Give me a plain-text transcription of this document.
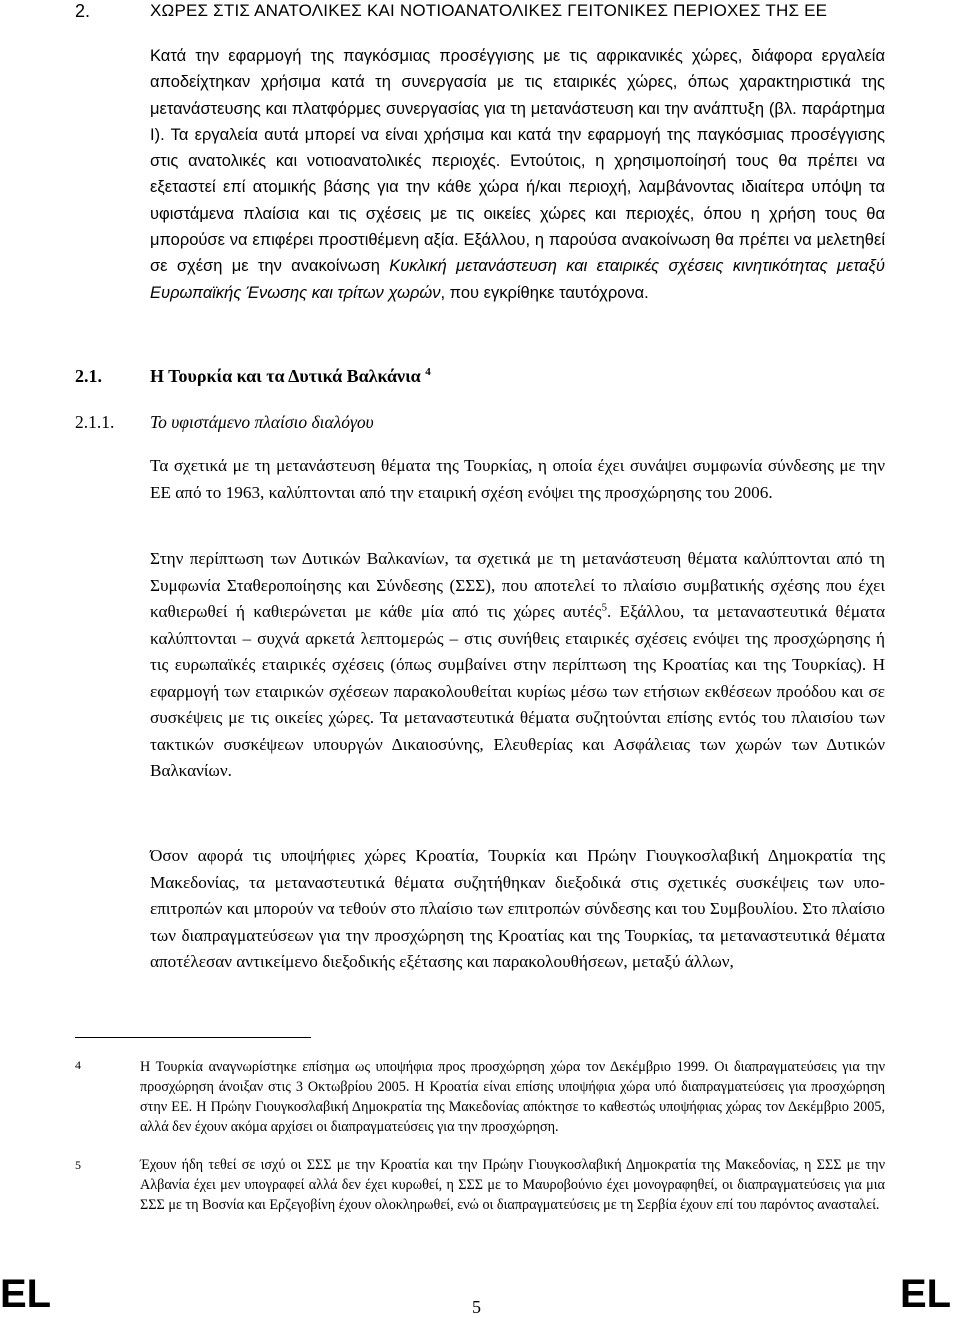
2.	ΧΩΡΕΣ ΣΤΙΣ ΑΝΑΤΟΛΙΚΕΣ ΚΑΙ ΝΟΤΙΟΑΝΑΤΟΛΙΚΕΣ ΓΕΙΤΟΝΙΚΕΣ ΠΕΡΙΟΧΕΣ ΤΗΣ ΕΕ

Κατά την εφαρμογή της παγκόσμιας προσέγγισης με τις αφρικανικές χώρες, διάφορα εργαλεία αποδείχτηκαν χρήσιμα κατά τη συνεργασία με τις εταιρικές χώρες, όπως χαρακτηριστικά της μετανάστευσης και πλατφόρμες συνεργασίας για τη μετανάστευση και την ανάπτυξη (βλ. παράρτημα Ι). Τα εργαλεία αυτά μπορεί να είναι χρήσιμα και κατά την εφαρμογή της παγκόσμιας προσέγγισης στις ανατολικές και νοτιοανατολικές περιοχές. Εντούτοις, η χρησιμοποίησή τους θα πρέπει να εξεταστεί επί ατομικής βάσης για την κάθε χώρα ή/και περιοχή, λαμβάνοντας ιδιαίτερα υπόψη τα υφιστάμενα πλαίσια και τις σχέσεις με τις οικείες χώρες και περιοχές, όπου η χρήση τους θα μπορούσε να επιφέρει προστιθέμενη αξία. Εξάλλου, η παρούσα ανακοίνωση θα πρέπει να μελετηθεί σε σχέση με την ανακοίνωση Κυκλική μετανάστευση και εταιρικές σχέσεις κινητικότητας μεταξύ Ευρωπαϊκής Ένωσης και τρίτων χωρών, που εγκρίθηκε ταυτόχρονα.

2.1.	Η Τουρκία και τα Δυτικά Βαλκάνια $^4$
2.1.1. Το υφιστάμενο πλαίσιο διαλόγου

Τα σχετικά με τη μετανάστευση θέματα της Τουρκίας, η οποία έχει συνάψει συμφωνία σύνδεσης με την ΕΕ από το 1963, καλύπτονται από την εταιρική σχέση ενόψει της προσχώρησης του 2006.

Στην περίπτωση των Δυτικών Βαλκανίων, τα σχετικά με τη μετανάστευση θέματα καλύπτονται από τη Συμφωνία Σταθεροποίησης και Σύνδεσης (ΣΣΣ), που αποτελεί το πλαίσιο συμβατικής σχέσης που έχει καθιερωθεί ή καθιερώνεται με κάθε μία από τις χώρες αυτές$^5$. Εξάλλου, τα μεταναστευτικά θέματα καλύπτονται – συχνά αρκετά λεπτομερώς – στις συνήθεις εταιρικές σχέσεις ενόψει της προσχώρησης ή τις ευρωπαϊκές εταιρικές σχέσεις (όπως συμβαίνει στην περίπτωση της Κροατίας και της Τουρκίας). Η εφαρμογή των εταιρικών σχέσεων παρακολουθείται κυρίως μέσω των ετήσιων εκθέσεων προόδου και σε συσκέψεις με τις οικείες χώρες. Τα μεταναστευτικά θέματα συζητούνται επίσης εντός του πλαισίου των τακτικών συσκέψεων υπουργών Δικαιοσύνης, Ελευθερίας και Ασφάλειας των χωρών των Δυτικών Βαλκανίων.

Όσον αφορά τις υποψήφιες χώρες Κροατία, Τουρκία και Πρώην Γιουγκοσλαβική Δημοκρατία της Μακεδονίας, τα μεταναστευτικά θέματα συζητήθηκαν διεξοδικά στις σχετικές συσκέψεις των υπο-επιτροπών και μπορούν να τεθούν στο πλαίσιο των επιτροπών σύνδεσης και του Συμβουλίου. Στο πλαίσιο των διαπραγματεύσεων για την προσχώρηση της Κροατίας και της Τουρκίας, τα μεταναστευτικά θέματα αποτέλεσαν αντικείμενο διεξοδικής εξέτασης και παρακολουθήσεων, μεταξύ άλλων,

4	Η Τουρκία αναγνωρίστηκε επίσημα ως υποψήφια προς προσχώρηση χώρα τον Δεκέμβριο 1999. Οι διαπραγματεύσεις για την προσχώρηση άνοιξαν στις 3 Οκτωβρίου 2005. Η Κροατία είναι επίσης υποψήφια χώρα υπό διαπραγματεύσεις για προσχώρηση στην ΕΕ. Η Πρώην Γιουγκοσλαβική Δημοκρατία της Μακεδονίας απόκτησε το καθεστώς υποψήφιας χώρας τον Δεκέμβριο 2005, αλλά δεν έχουν ακόμα αρχίσει οι διαπραγματεύσεις για την προσχώρηση.

5	Έχουν ήδη τεθεί σε ισχύ οι ΣΣΣ με την Κροατία και την Πρώην Γιουγκοσλαβική Δημοκρατία της Μακεδονίας, η ΣΣΣ με την Αλβανία έχει μεν υπογραφεί αλλά δεν έχει κυρωθεί, η ΣΣΣ με το Μαυροβούνιο έχει μονογραφηθεί, οι διαπραγματεύσεις για μια ΣΣΣ με τη Βοσνία και Ερζεγοβίνη έχουν ολοκληρωθεί, ενώ οι διαπραγματεύσεις με τη Σερβία έχουν επί του παρόντος ανασταλεί.

EL	5	EL
